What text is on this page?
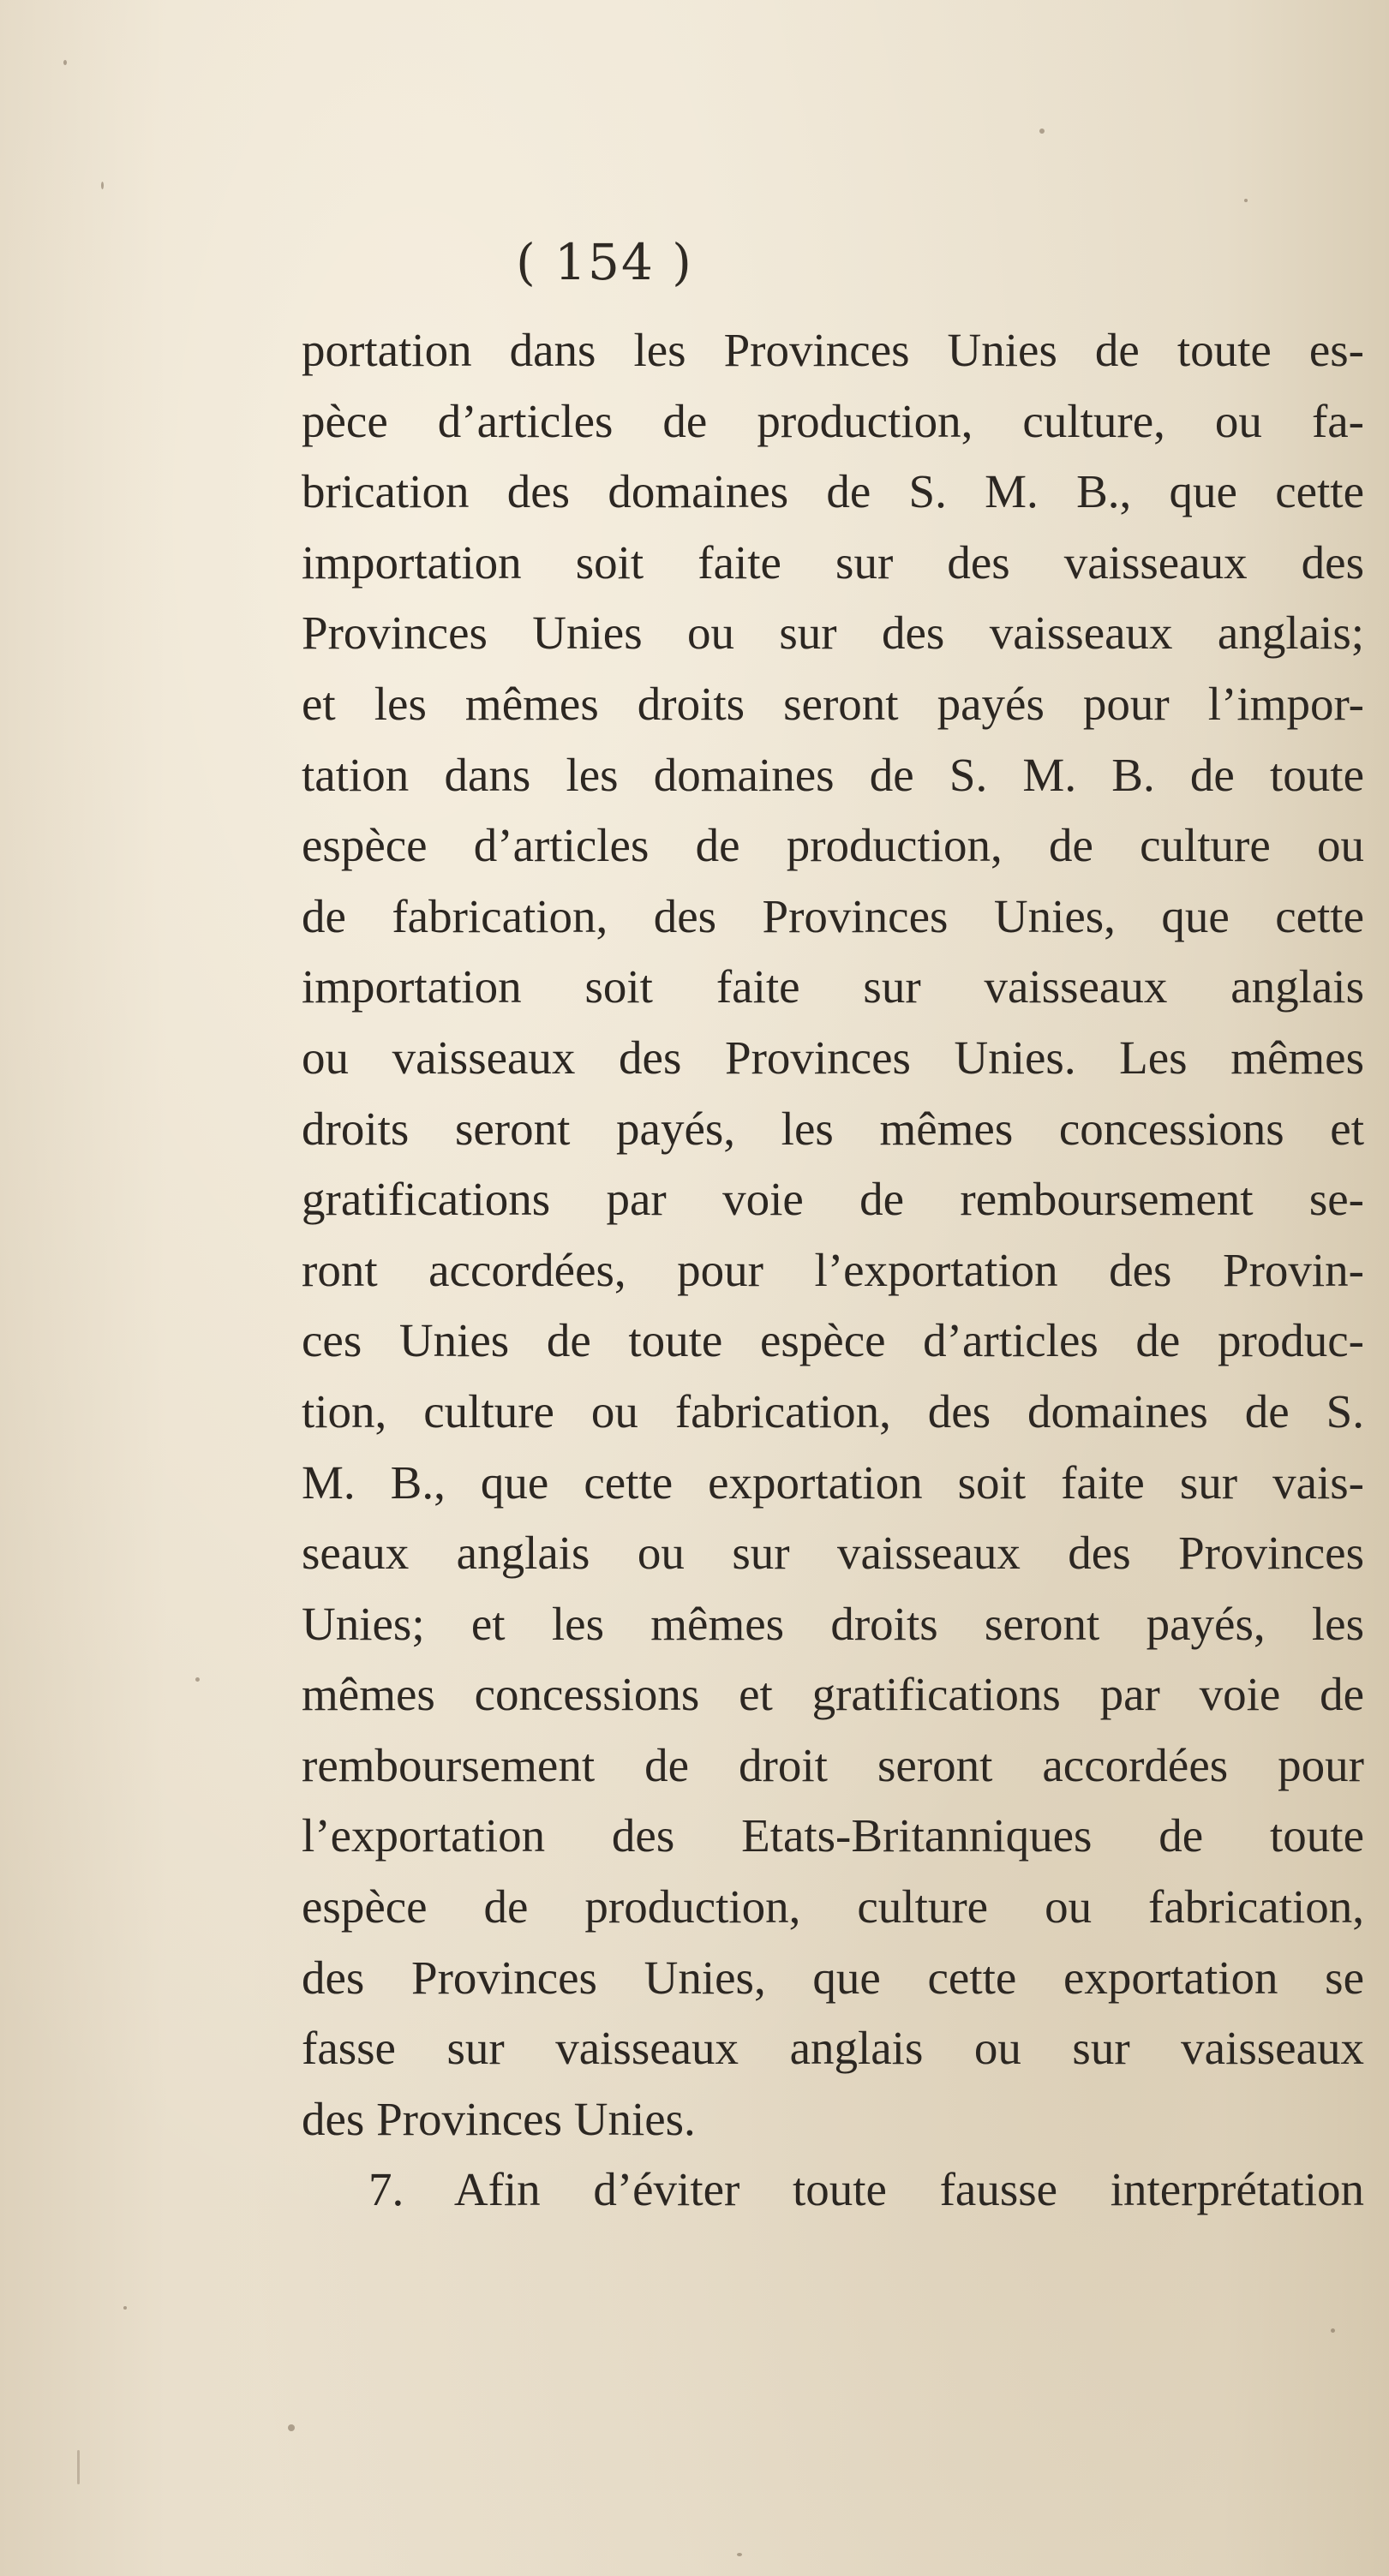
( 154 )
portation dans les Provinces Unies de toute es-
pèce d’articles de production, culture, ou fa-
brication des domaines de S. M. B., que cette
importation soit faite sur des vaisseaux des
Provinces Unies ou sur des vaisseaux anglais;
et les mêmes droits seront payés pour l’impor-
tation dans les domaines de S. M. B. de toute
espèce d’articles de production, de culture ou
de fabrication, des Provinces Unies, que cette
importation soit faite sur vaisseaux anglais
ou vaisseaux des Provinces Unies. Les mêmes
droits seront payés, les mêmes concessions et
gratifications par voie de remboursement se-
ront accordées, pour l’exportation des Provin-
ces Unies de toute espèce d’articles de produc-
tion, culture ou fabrication, des domaines de S.
M. B., que cette exportation soit faite sur vais-
seaux anglais ou sur vaisseaux des Provinces
Unies; et les mêmes droits seront payés, les
mêmes concessions et gratifications par voie de
remboursement de droit seront accordées pour
l’exportation des Etats-Britanniques de toute
espèce de production, culture ou fabrication,
des Provinces Unies, que cette exportation se
fasse sur vaisseaux anglais ou sur vaisseaux
des Provinces Unies.
7. Afin d’éviter toute fausse interprétation
